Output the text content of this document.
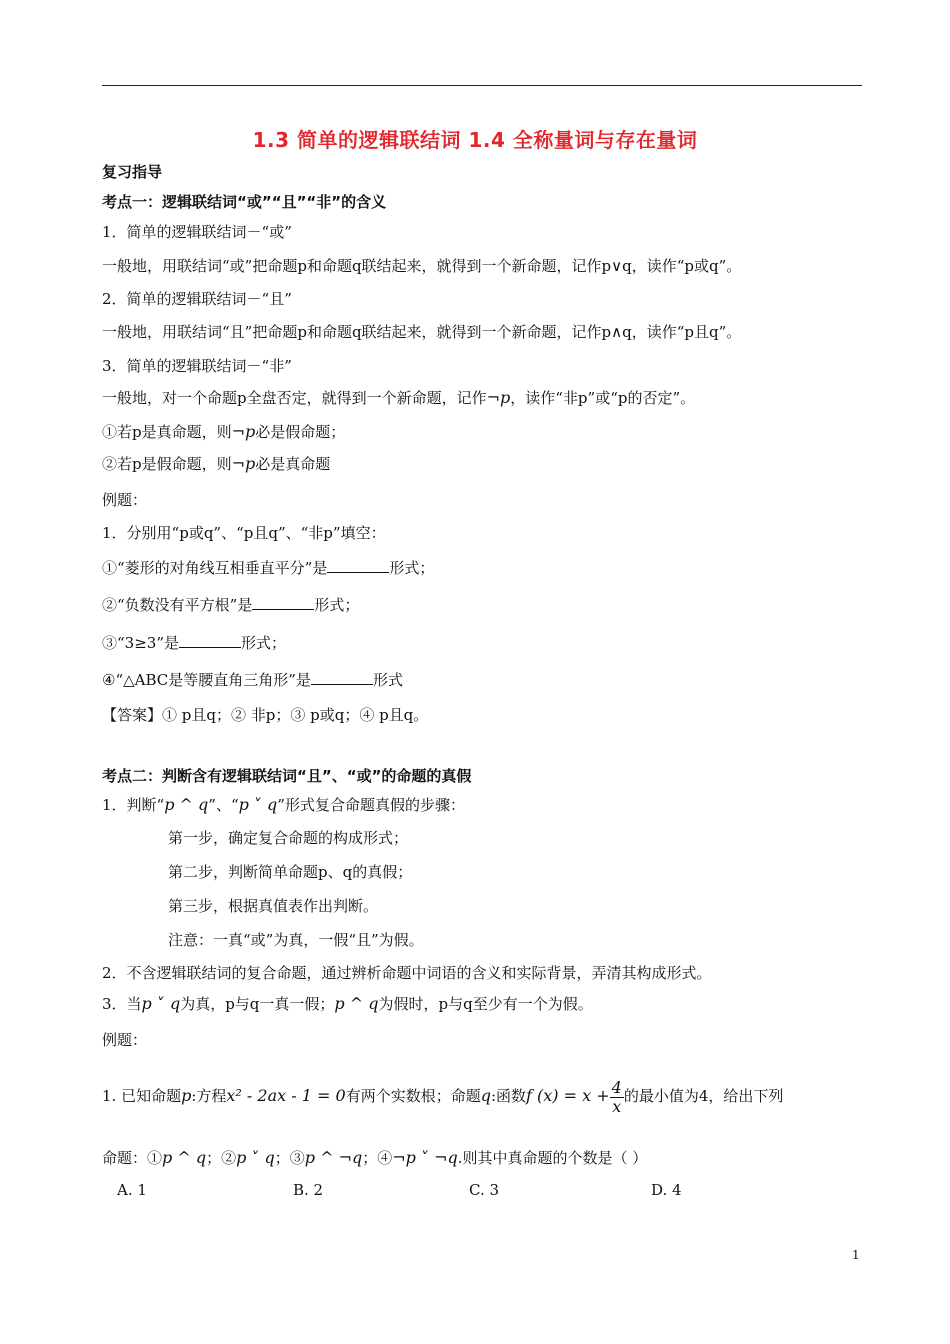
1.3 简单的逻辑联结词 1.4 全称量词与存在量词
复习指导
考点一：逻辑联结词“或”“且”“非”的含义
1．简单的逻辑联结词－“或”
一般地，用联结词“或”把命题p和命题q联结起来，就得到一个新命题，记作p∨q，读作“p或q”。
2．简单的逻辑联结词－“且”
一般地，用联结词“且”把命题p和命题q联结起来，就得到一个新命题，记作p∧q，读作“p且q”。
3．简单的逻辑联结词－“非”
一般地，对一个命题p全盘否定，就得到一个新命题，记作¬p，读作“非p”或“p的否定”。
①若p是真命题，则¬p必是假命题；
②若p是假命题，则¬p必是真命题
例题：
1．分别用“p或q”、“p且q”、“非p”填空：
①“菱形的对角线互相垂直平分”是	形式；
②“负数没有平方根”是	形式；
③“3≥3”是	形式；
④“△ABC是等腰直角三角形”是	形式
【答案】① p且q；② 非p；③ p或q；④ p且q。
考点二：判断含有逻辑联结词“且”、“或”的命题的真假
1．判断“p ^ q”、“p ˅ q”形式复合命题真假的步骤：
第一步，确定复合命题的构成形式；
第二步，判断简单命题p、q的真假；
第三步，根据真值表作出判断。
注意：一真“或”为真，一假“且”为假。
2．不含逻辑联结词的复合命题，通过辨析命题中词语的含义和实际背景，弄清其构成形式。
3．当p ˅ q为真，p与q一真一假；p ^ q为假时，p与q至少有一个为假。
例题：
1. 已知命题p:方程x² - 2ax - 1 = 0有两个实数根；命题q:函数f $(x) = x + \frac{4}{x}$ 的最小值为4，给出下列
命题：①p ^ q；②p ˅ q；③p ^ ¬q；④¬p ˅ ¬q.则其中真命题的个数是（ ）
A. 1	B. 2	C. 3	D. 4
1
